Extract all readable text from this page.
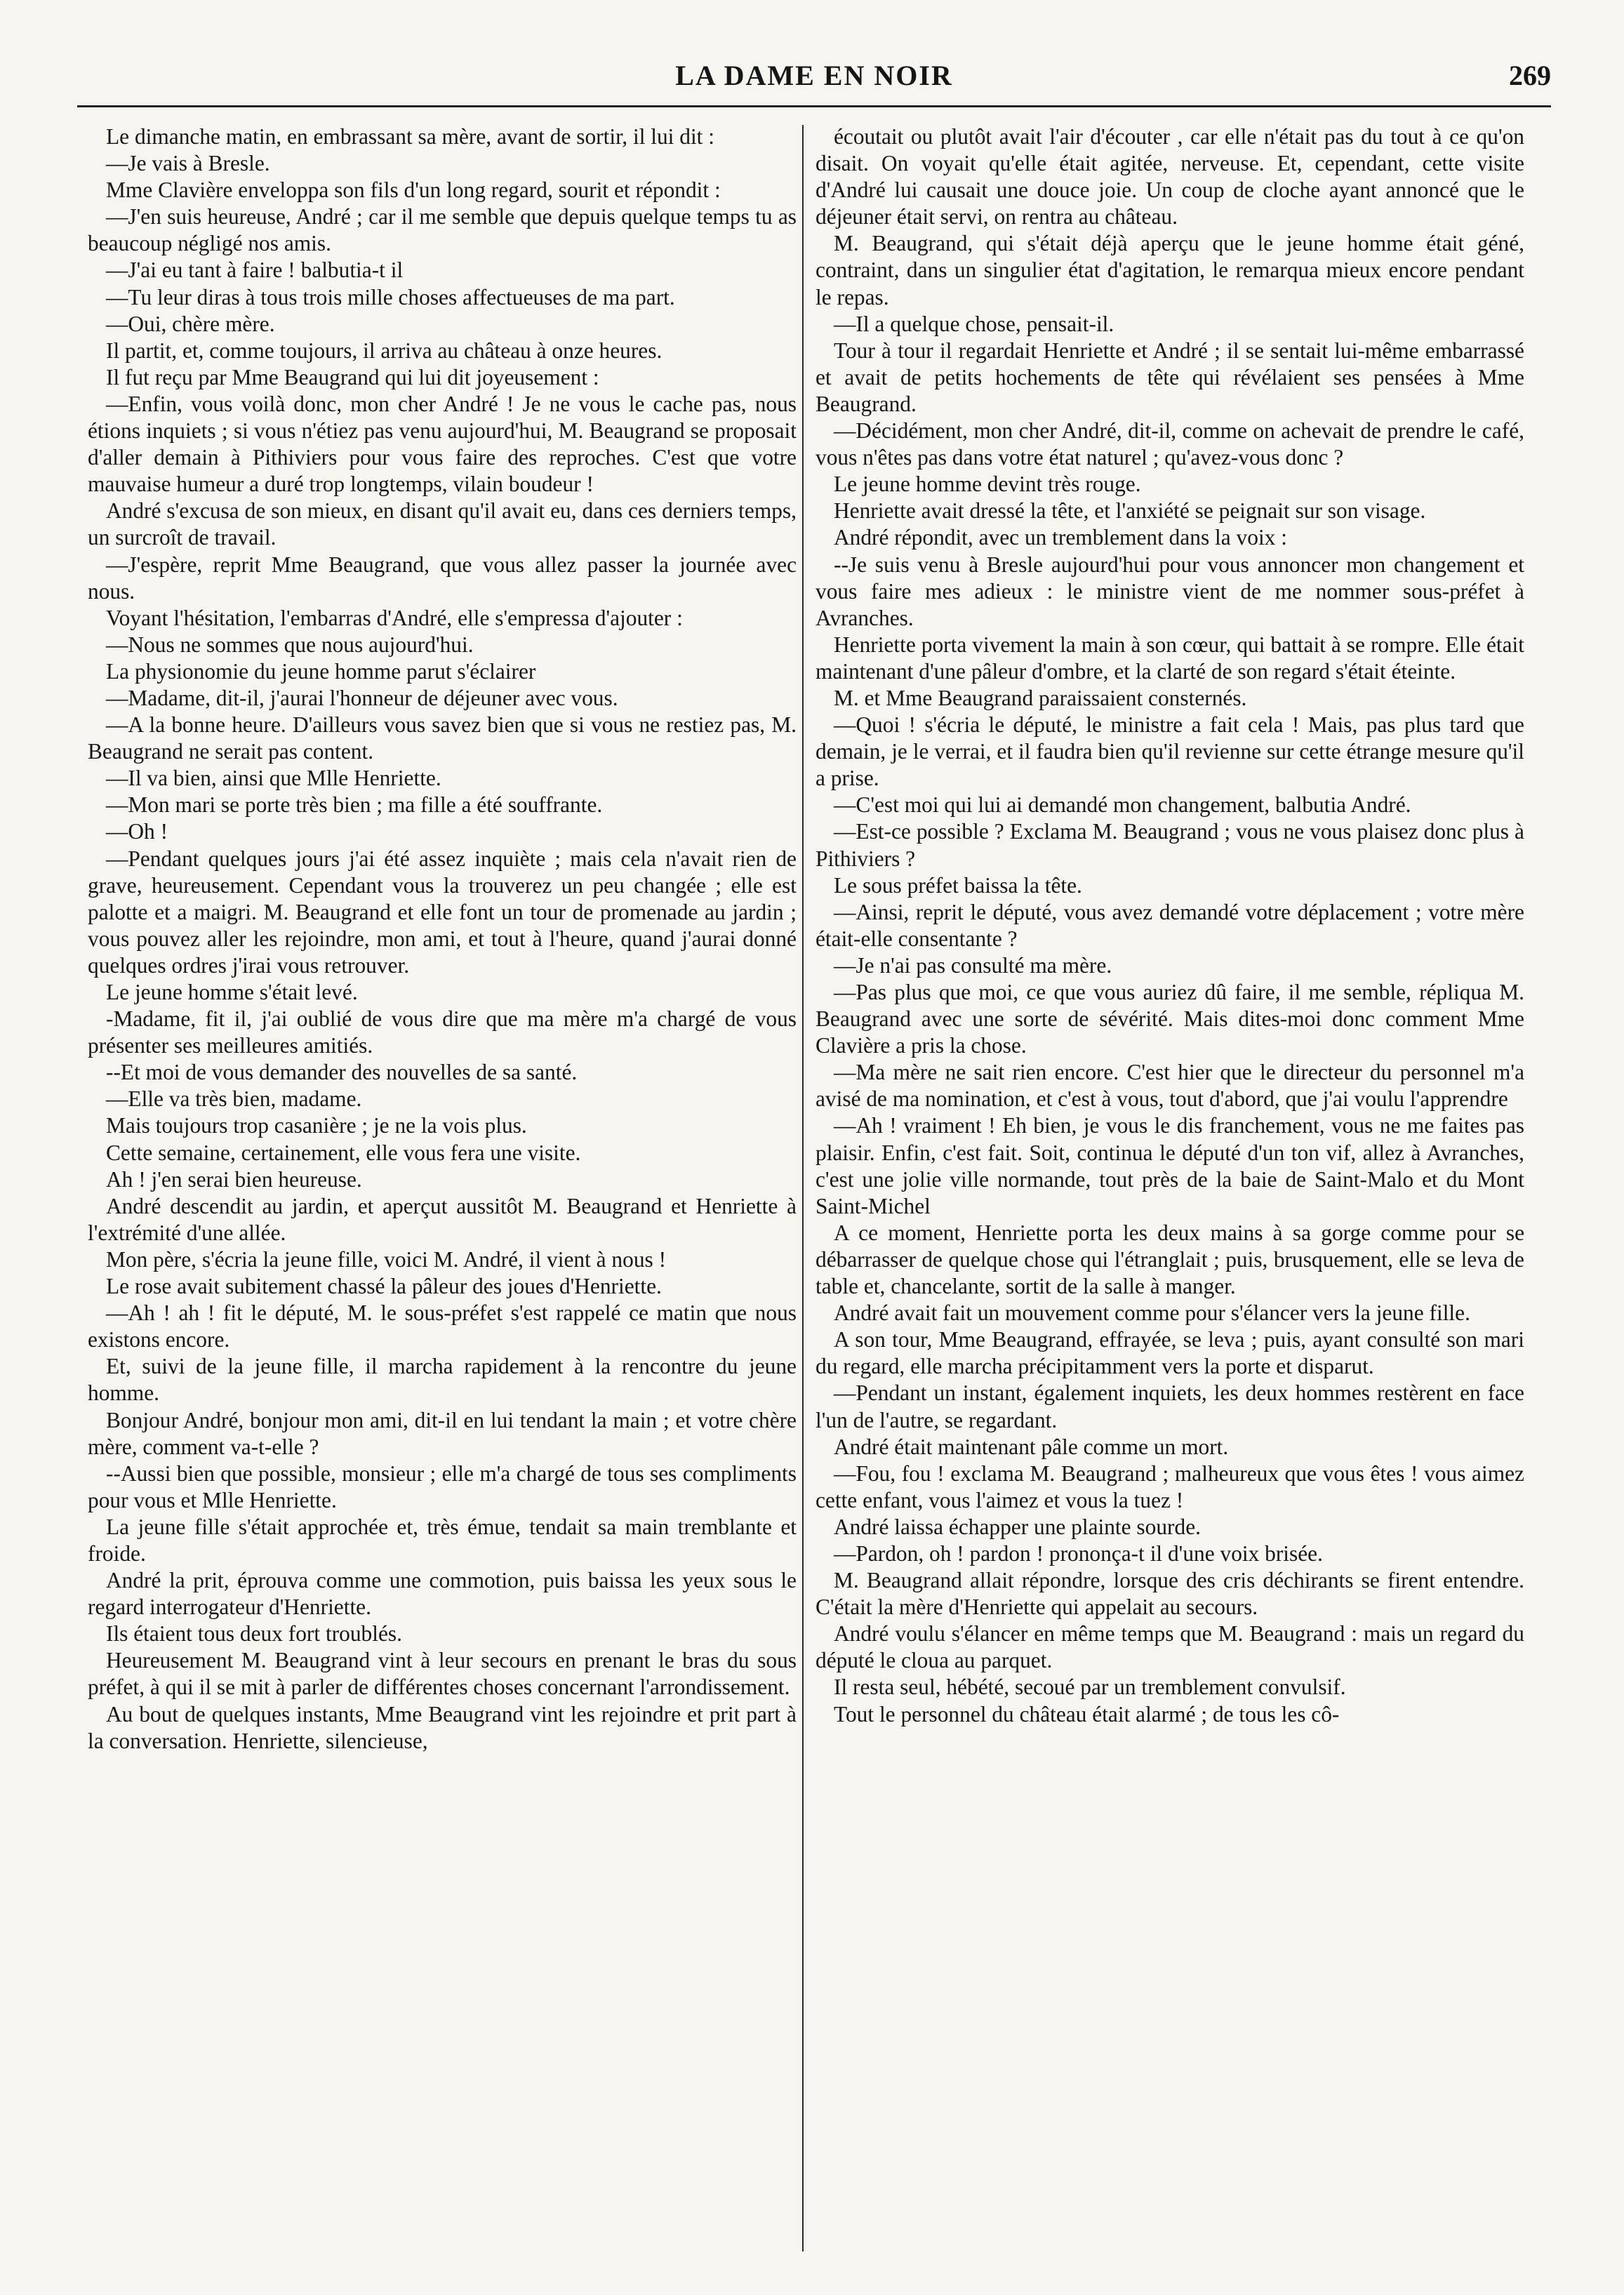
LA DAME EN NOIR	269

Le dimanche matin, en embrassant sa mère, avant de sortir, il lui dit :

—Je vais à Bresle.

Mme Clavière enveloppa son fils d'un long regard, sourit et répondit :

—J'en suis heureuse, André ; car il me semble que depuis quelque temps tu as beaucoup négligé nos amis.

—J'ai eu tant à faire ! balbutia-t il

—Tu leur diras à tous trois mille choses affectueuses de ma part.

—Oui, chère mère.

Il partit, et, comme toujours, il arriva au château à onze heures.

Il fut reçu par Mme Beaugrand qui lui dit joyeusement :

—Enfin, vous voilà donc, mon cher André ! Je ne vous le cache pas, nous étions inquiets ; si vous n'étiez pas venu aujourd'hui, M. Beaugrand se proposait d'aller demain à Pithiviers pour vous faire des reproches. C'est que votre mauvaise humeur a duré trop longtemps, vilain boudeur !

André s'excusa de son mieux, en disant qu'il avait eu, dans ces derniers temps, un surcroît de travail.

—J'espère, reprit Mme Beaugrand, que vous allez passer la journée avec nous.

Voyant l'hésitation, l'embarras d'André, elle s'empressa d'ajouter :

—Nous ne sommes que nous aujourd'hui.

La physionomie du jeune homme parut s'éclairer

—Madame, dit-il, j'aurai l'honneur de déjeuner avec vous.

—A la bonne heure. D'ailleurs vous savez bien que si vous ne restiez pas, M. Beaugrand ne serait pas content.

—Il va bien, ainsi que Mlle Henriette.

—Mon mari se porte très bien ; ma fille a été souffrante.

—Oh !

—Pendant quelques jours j'ai été assez inquiète ; mais cela n'avait rien de grave, heureusement. Cependant vous la trouverez un peu changée ; elle est palotte et a maigri. M. Beaugrand et elle font un tour de promenade au jardin ; vous pouvez aller les rejoindre, mon ami, et tout à l'heure, quand j'aurai donné quelques ordres j'irai vous retrouver.

Le jeune homme s'était levé.

-Madame, fit il, j'ai oublié de vous dire que ma mère m'a chargé de vous présenter ses meilleures amitiés.

--Et moi de vous demander des nouvelles de sa santé.

—Elle va très bien, madame.

Mais toujours trop casanière ; je ne la vois plus.

Cette semaine, certainement, elle vous fera une visite.

Ah ! j'en serai bien heureuse.

André descendit au jardin, et aperçut aussitôt M. Beaugrand et Henriette à l'extrémité d'une allée.

Mon père, s'écria la jeune fille, voici M. André, il vient à nous !

Le rose avait subitement chassé la pâleur des joues d'Henriette.

—Ah ! ah ! fit le député, M. le sous-préfet s'est rappelé ce matin que nous existons encore.

Et, suivi de la jeune fille, il marcha rapidement à la rencontre du jeune homme.

Bonjour André, bonjour mon ami, dit-il en lui tendant la main ; et votre chère mère, comment va-t-elle ?

--Aussi bien que possible, monsieur ; elle m'a chargé de tous ses compliments pour vous et Mlle Henriette.

La jeune fille s'était approchée et, très émue, tendait sa main tremblante et froide.

André la prit, éprouva comme une commotion, puis baissa les yeux sous le regard interrogateur d'Henriette.

Ils étaient tous deux fort troublés.

Heureusement M. Beaugrand vint à leur secours en prenant le bras du sous préfet, à qui il se mit à parler de différentes choses concernant l'arrondissement.

Au bout de quelques instants, Mme Beaugrand vint les rejoindre et prit part à la conversation. Henriette, silencieuse,

écoutait ou plutôt avait l'air d'écouter , car elle n'était pas du tout à ce qu'on disait. On voyait qu'elle était agitée, nerveuse. Et, cependant, cette visite d'André lui causait une douce joie. Un coup de cloche ayant annoncé que le déjeuner était servi, on rentra au château.

M. Beaugrand, qui s'était déjà aperçu que le jeune homme était géné, contraint, dans un singulier état d'agitation, le remarqua mieux encore pendant le repas.

—Il a quelque chose, pensait-il.

Tour à tour il regardait Henriette et André ; il se sentait lui-même embarrassé et avait de petits hochements de tête qui révélaient ses pensées à Mme Beaugrand.

—Décidément, mon cher André, dit-il, comme on achevait de prendre le café, vous n'êtes pas dans votre état naturel ; qu'avez-vous donc ?

Le jeune homme devint très rouge.

Henriette avait dressé la tête, et l'anxiété se peignait sur son visage.

André répondit, avec un tremblement dans la voix :

--Je suis venu à Bresle aujourd'hui pour vous annoncer mon changement et vous faire mes adieux : le ministre vient de me nommer sous-préfet à Avranches.

Henriette porta vivement la main à son cœur, qui battait à se rompre. Elle était maintenant d'une pâleur d'ombre, et la clarté de son regard s'était éteinte.

M. et Mme Beaugrand paraissaient consternés.

—Quoi ! s'écria le député, le ministre a fait cela ! Mais, pas plus tard que demain, je le verrai, et il faudra bien qu'il revienne sur cette étrange mesure qu'il a prise.

—C'est moi qui lui ai demandé mon changement, balbutia André.

—Est-ce possible ? Exclama M. Beaugrand ; vous ne vous plaisez donc plus à Pithiviers ?

Le sous préfet baissa la tête.

—Ainsi, reprit le député, vous avez demandé votre déplacement ; votre mère était-elle consentante ?

—Je n'ai pas consulté ma mère.

—Pas plus que moi, ce que vous auriez dû faire, il me semble, répliqua M. Beaugrand avec une sorte de sévérité. Mais dites-moi donc comment Mme Clavière a pris la chose.

—Ma mère ne sait rien encore. C'est hier que le directeur du personnel m'a avisé de ma nomination, et c'est à vous, tout d'abord, que j'ai voulu l'apprendre

—Ah ! vraiment ! Eh bien, je vous le dis franchement, vous ne me faites pas plaisir. Enfin, c'est fait. Soit, continua le député d'un ton vif, allez à Avranches, c'est une jolie ville normande, tout près de la baie de Saint-Malo et du Mont Saint-Michel

A ce moment, Henriette porta les deux mains à sa gorge comme pour se débarrasser de quelque chose qui l'étranglait ; puis, brusquement, elle se leva de table et, chancelante, sortit de la salle à manger.

André avait fait un mouvement comme pour s'élancer vers la jeune fille.

A son tour, Mme Beaugrand, effrayée, se leva ; puis, ayant consulté son mari du regard, elle marcha précipitamment vers la porte et disparut.

—Pendant un instant, également inquiets, les deux hommes restèrent en face l'un de l'autre, se regardant.

André était maintenant pâle comme un mort.

—Fou, fou ! exclama M. Beaugrand ; malheureux que vous êtes ! vous aimez cette enfant, vous l'aimez et vous la tuez !

André laissa échapper une plainte sourde.

—Pardon, oh ! pardon ! prononça-t il d'une voix brisée.

M. Beaugrand allait répondre, lorsque des cris déchirants se firent entendre. C'était la mère d'Henriette qui appelait au secours.

André voulu s'élancer en même temps que M. Beaugrand : mais un regard du député le cloua au parquet.

Il resta seul, hébété, secoué par un tremblement convulsif.

Tout le personnel du château était alarmé ; de tous les cô-
